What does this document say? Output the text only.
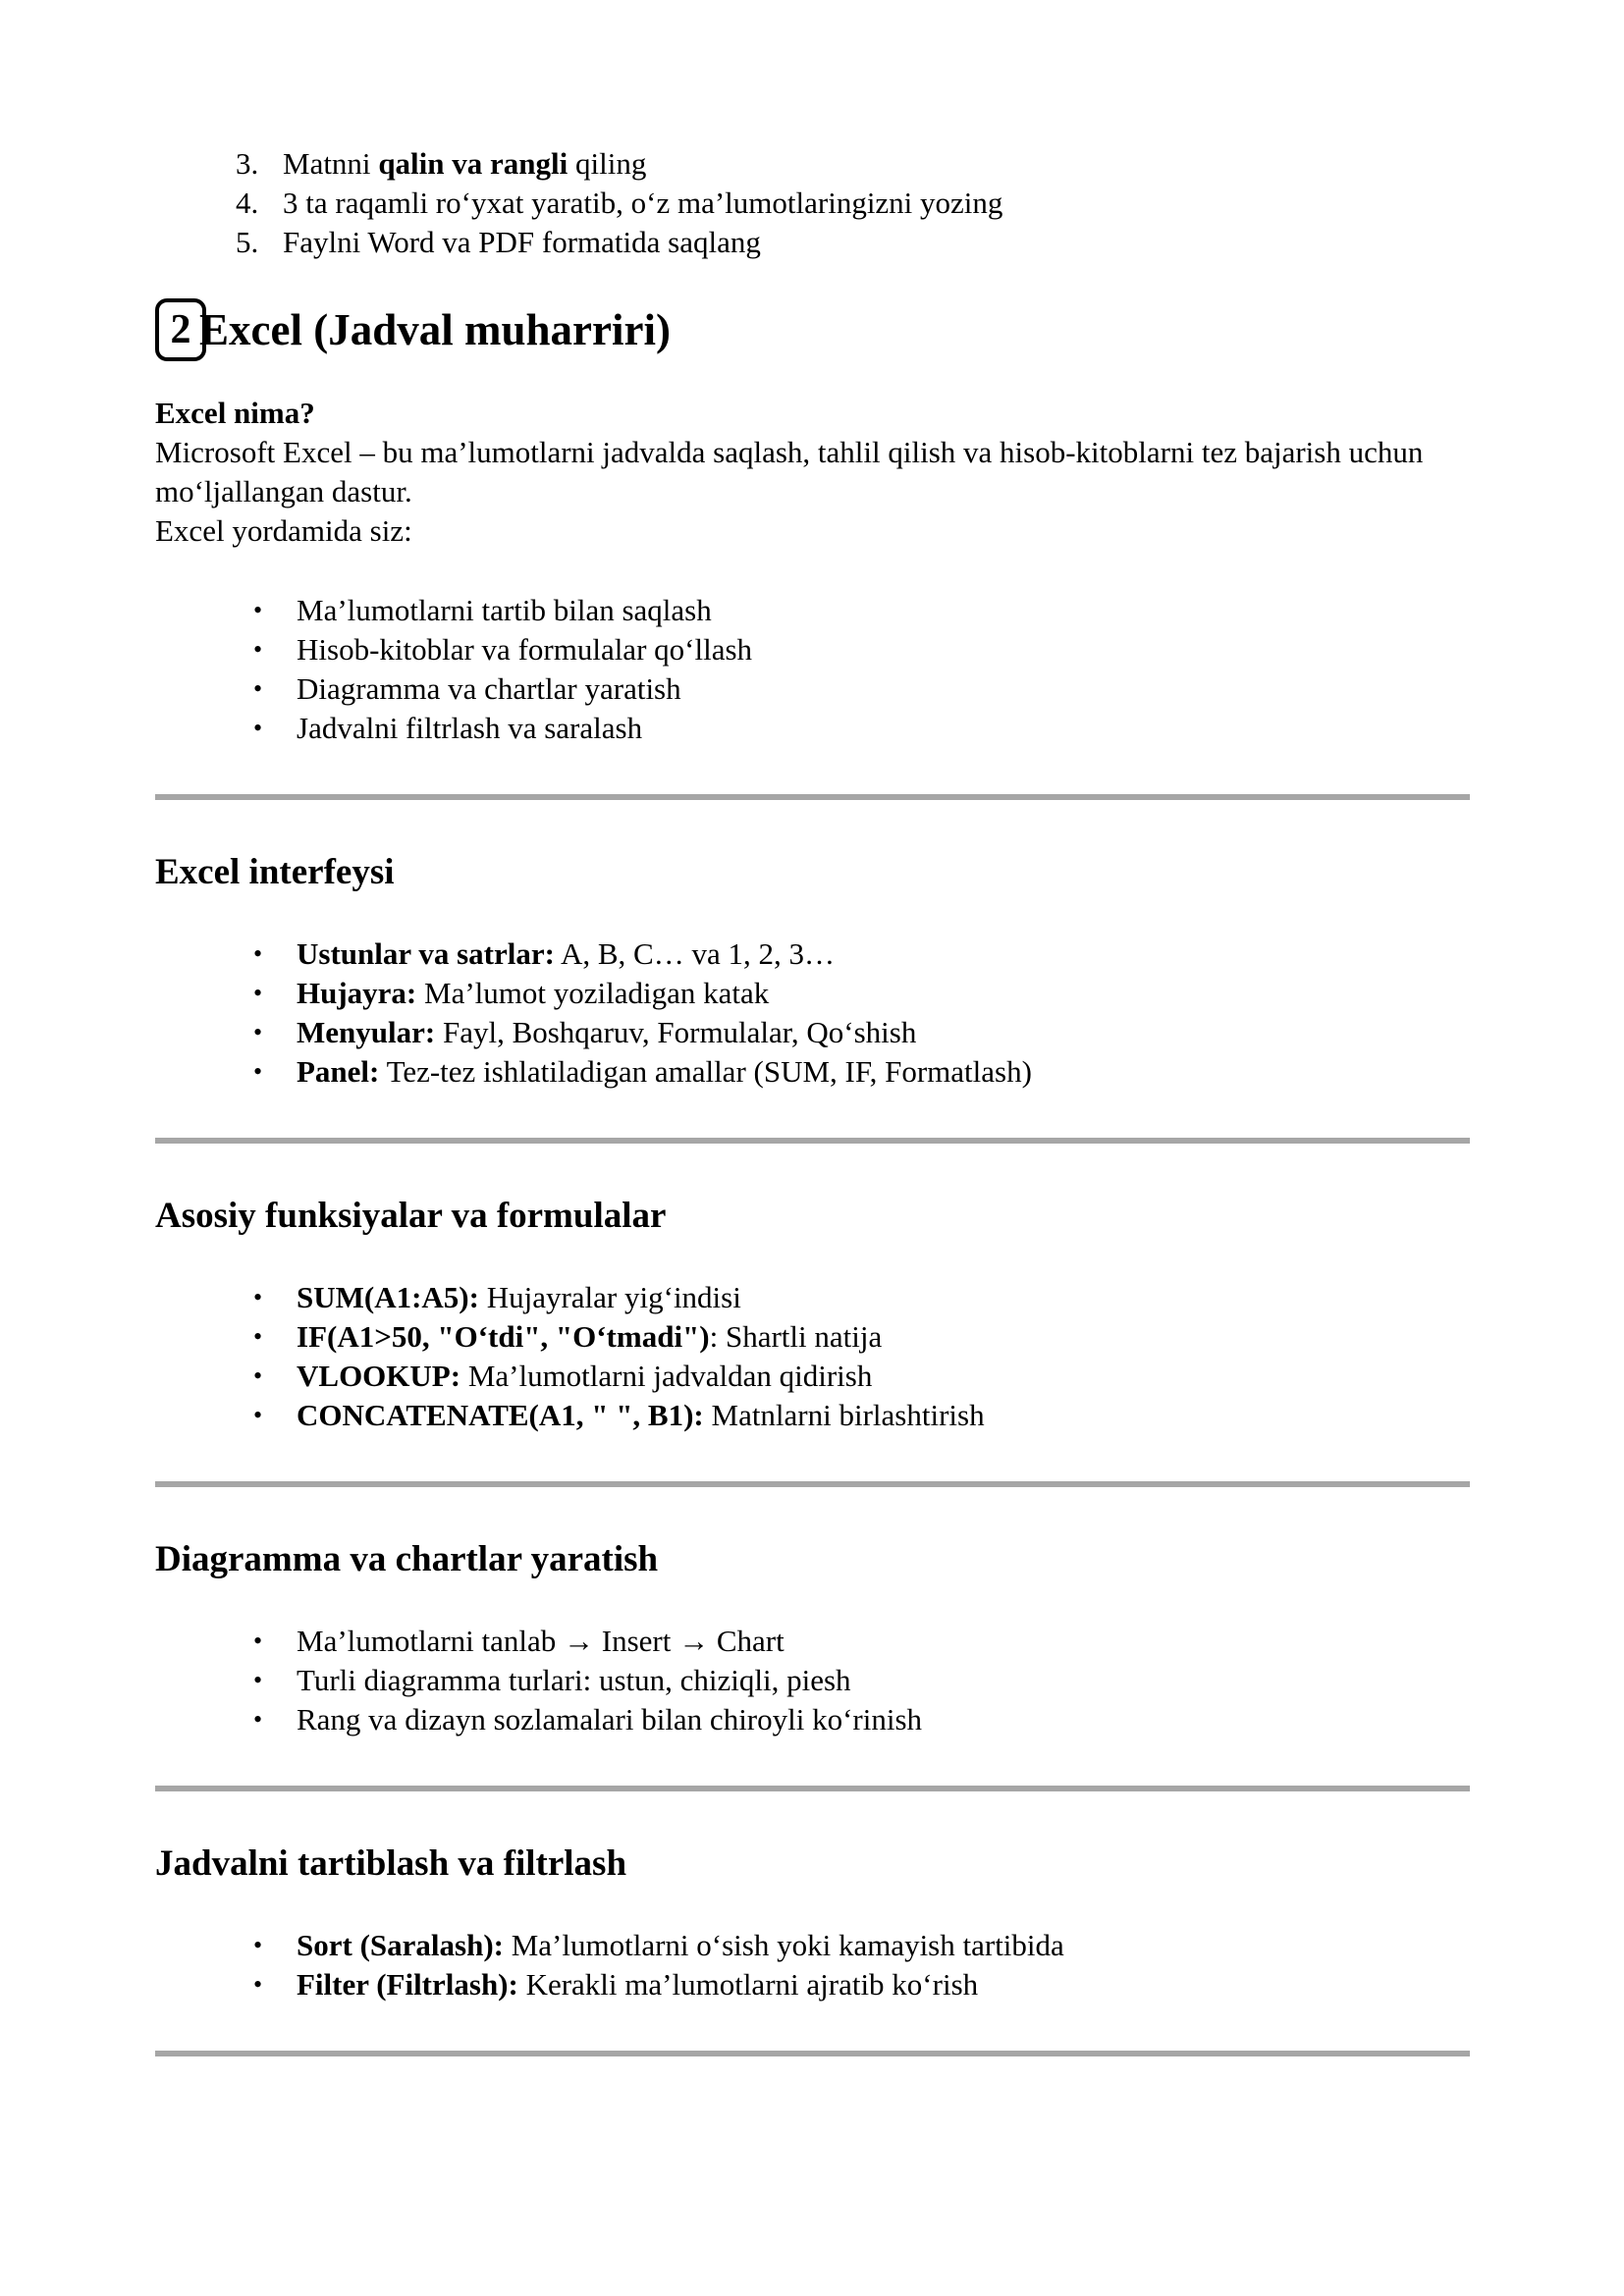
3. Matnni qalin va rangli qiling
4. 3 ta raqamli ro‘yxat yaratib, o‘z ma’lumotlaringizni yozing
5. Faylni Word va PDF formatida saqlang
2 Excel (Jadval muharriri)
Excel nima?
Microsoft Excel – bu ma’lumotlarni jadvalda saqlash, tahlil qilish va hisob-kitoblarni tez bajarish uchun mo‘ljallangan dastur.
Excel yordamida siz:
•	Ma’lumotlarni tartib bilan saqlash
•	Hisob-kitoblar va formulalar qo‘llash
•	Diagramma va chartlar yaratish
•	Jadvalni filtrlash va saralash
Excel interfeysi
•	Ustunlar va satrlar: A, B, C… va 1, 2, 3…
•	Hujayra: Ma’lumot yoziladigan katak
•	Menyular: Fayl, Boshqaruv, Formulalar, Qo‘shish
•	Panel: Tez-tez ishlatiladigan amallar (SUM, IF, Formatlash)
Asosiy funksiyalar va formulalar
•	SUM(A1:A5): Hujayralar yig‘indisi
•	IF(A1>50, "O‘tdi", "O‘tmadi"): Shartli natija
•	VLOOKUP: Ma’lumotlarni jadvaldan qidirish
•	CONCATENATE(A1, " ", B1): Matnlarni birlashtirish
Diagramma va chartlar yaratish
•	Ma’lumotlarni tanlab → Insert → Chart
•	Turli diagramma turlari: ustun, chiziqli, piesh
•	Rang va dizayn sozlamalari bilan chiroyli ko‘rinish
Jadvalni tartiblash va filtrlash
•	Sort (Saralash): Ma’lumotlarni o‘sish yoki kamayish tartibida
•	Filter (Filtrlash): Kerakli ma’lumotlarni ajratib ko‘rish
